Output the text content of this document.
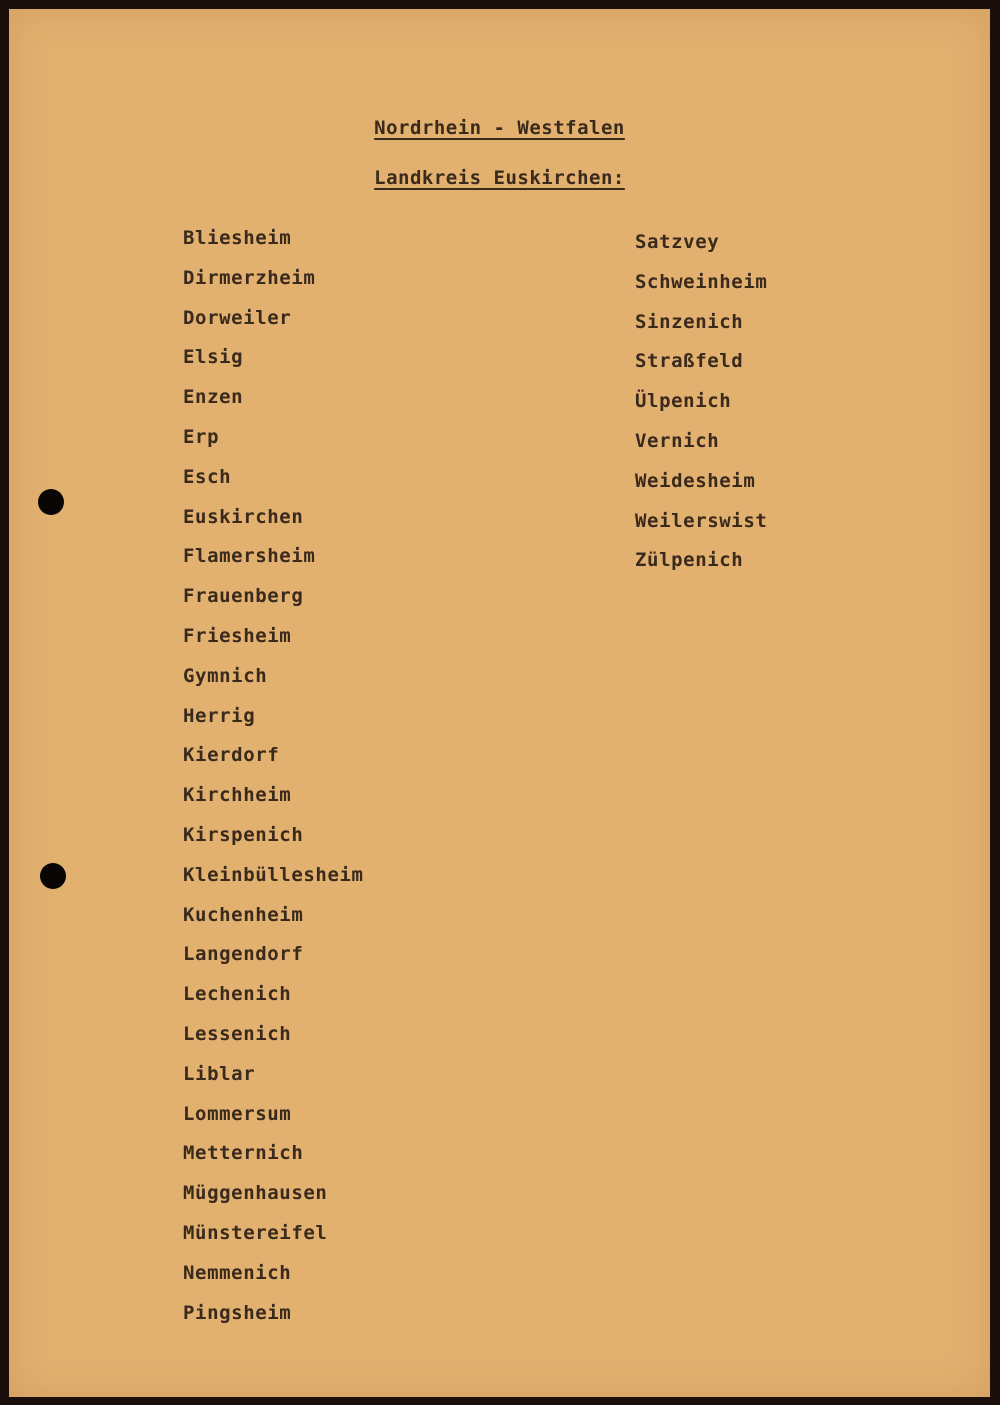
Nordrhein - Westfalen
Landkreis Euskirchen:
Bliesheim
Dirmerzheim
Dorweiler
Elsig
Enzen
Erp
Esch
Euskirchen
Flamersheim
Frauenberg
Friesheim
Gymnich
Herrig
Kierdorf
Kirchheim
Kirspenich
Kleinbüllesheim
Kuchenheim
Langendorf
Lechenich
Lessenich
Liblar
Lommersum
Metternich
Müggenhausen
Münstereifel
Nemmenich
Pingsheim
Satzvey
Schweinheim
Sinzenich
Straßfeld
Ülpenich
Vernich
Weidesheim
Weilerswist
Zülpenich
